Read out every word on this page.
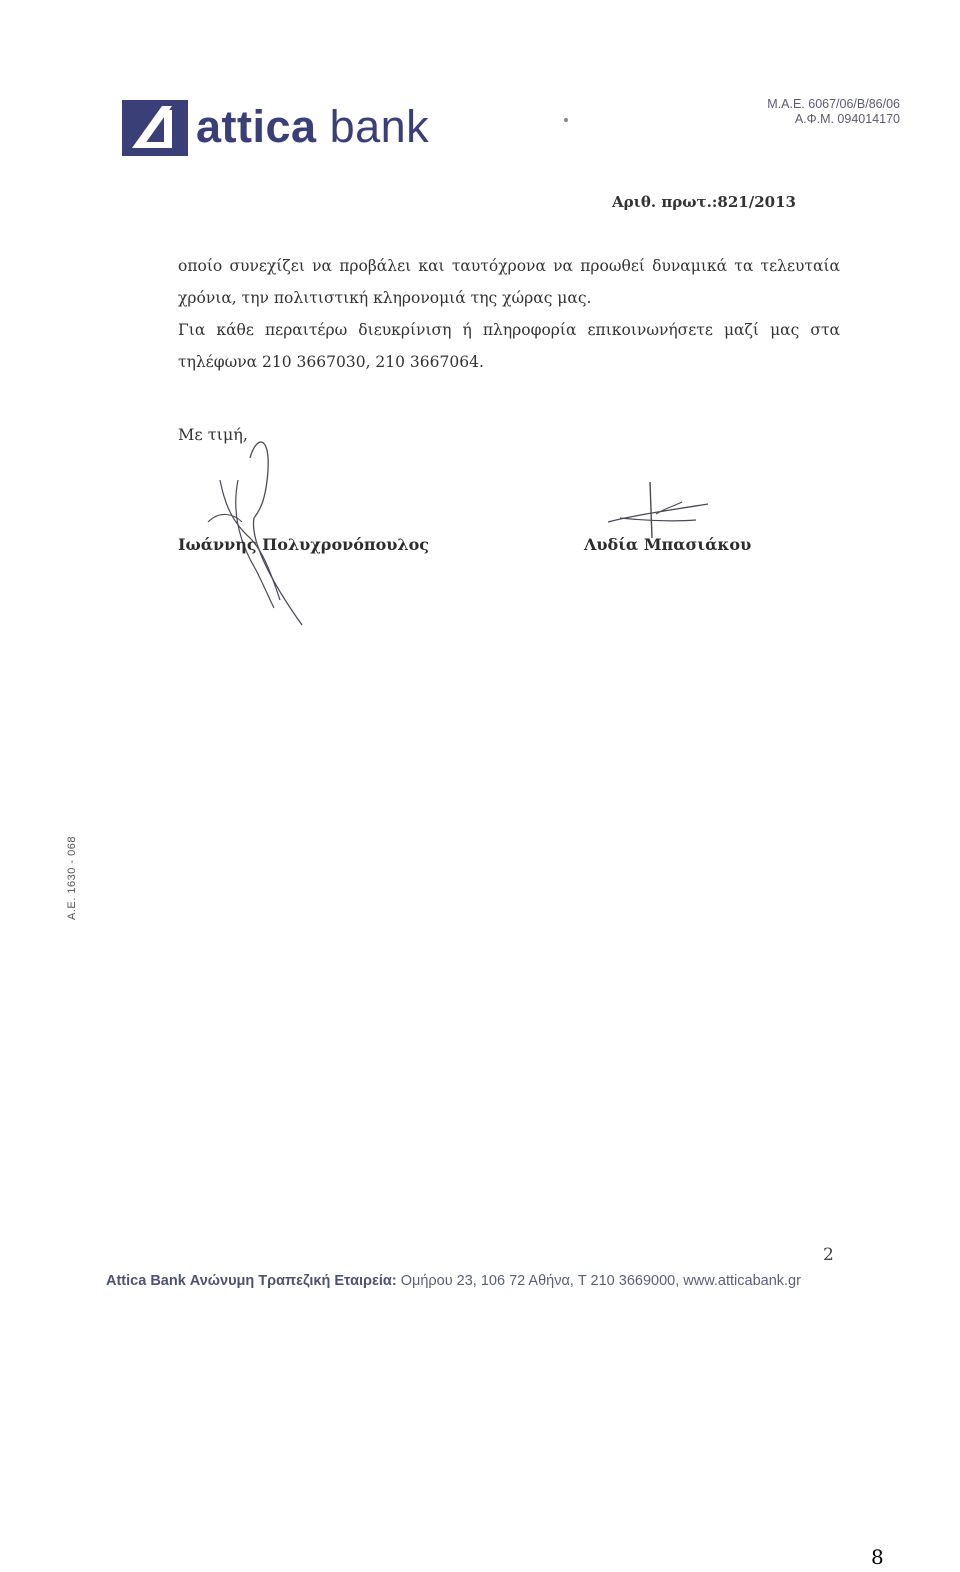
attica bank	M.A.E. 6067/06/B/86/06
A.Φ.M. 094014170
Αριθ. πρωτ.:821/2013

οποίο συνεχίζει να προβάλει και ταυτόχρονα να προωθεί δυναμικά τα τελευταία

χρόνια, την πολιτιστική κληρονομιά της χώρας μας.

Για κάθε περαιτέρω διευκρίνιση ή πληροφορία επικοινωνήσετε μαζί μας στα

τηλέφωνα 210 3667030, 210 3667064.

Με τιμή,
Ιωάννης Πολυχρονόπουλος	Λυδία Μπασιάκου
A.E. 1630 - 068
2
Attica Bank Ανώνυμη Τραπεζική Εταιρεία: Ομήρου 23, 106 72 Αθήνα, T 210 3669000, www.atticabank.gr
8
